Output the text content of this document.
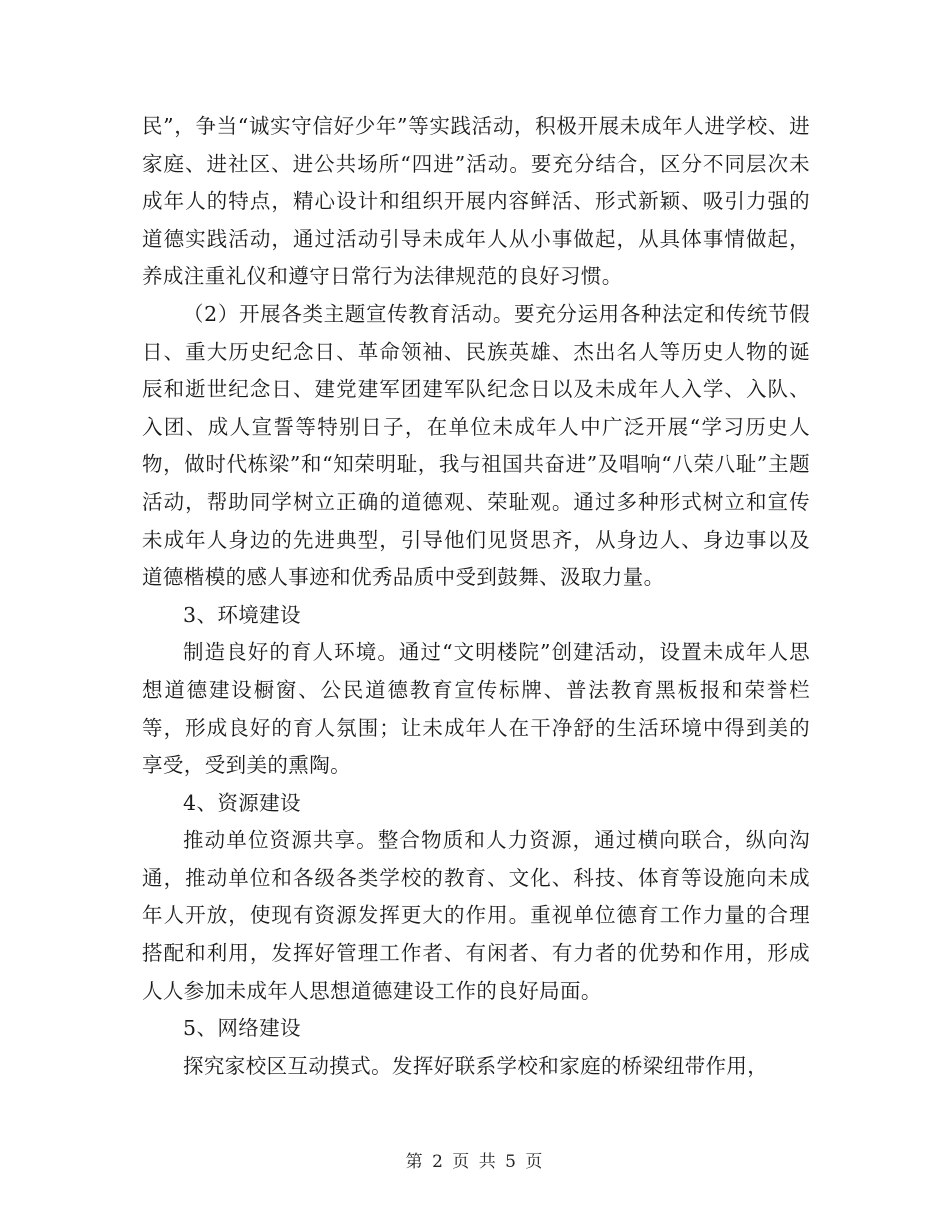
民”，争当“诚实守信好少年”等实践活动，积极开展未成年人进学校、进家庭、进社区、进公共场所“四进”活动。要充分结合，区分不同层次未成年人的特点，精心设计和组织开展内容鲜活、形式新颖、吸引力强的道德实践活动，通过活动引导未成年人从小事做起，从具体事情做起，养成注重礼仪和遵守日常行为法律规范的良好习惯。

（2）开展各类主题宣传教育活动。要充分运用各种法定和传统节假日、重大历史纪念日、革命领袖、民族英雄、杰出名人等历史人物的诞辰和逝世纪念日、建党建军团建军队纪念日以及未成年人入学、入队、入团、成人宣誓等特别日子，在单位未成年人中广泛开展“学习历史人物，做时代栋梁”和“知荣明耻，我与祖国共奋进”及唱响“八荣八耻”主题活动，帮助同学树立正确的道德观、荣耻观。通过多种形式树立和宣传未成年人身边的先进典型，引导他们见贤思齐，从身边人、身边事以及道德楷模的感人事迹和优秀品质中受到鼓舞、汲取力量。

3、环境建设

制造良好的育人环境。通过“文明楼院”创建活动，设置未成年人思想道德建设橱窗、公民道德教育宣传标牌、普法教育黑板报和荣誉栏等，形成良好的育人氛围；让未成年人在干净舒的生活环境中得到美的享受，受到美的熏陶。

4、资源建设

推动单位资源共享。整合物质和人力资源，通过横向联合，纵向沟通，推动单位和各级各类学校的教育、文化、科技、体育等设施向未成年人开放，使现有资源发挥更大的作用。重视单位德育工作力量的合理搭配和利用，发挥好管理工作者、有闲者、有力者的优势和作用，形成人人参加未成年人思想道德建设工作的良好局面。

5、网络建设

探究家校区互动摸式。发挥好联系学校和家庭的桥梁纽带作用，

第 2 页 共 5 页
